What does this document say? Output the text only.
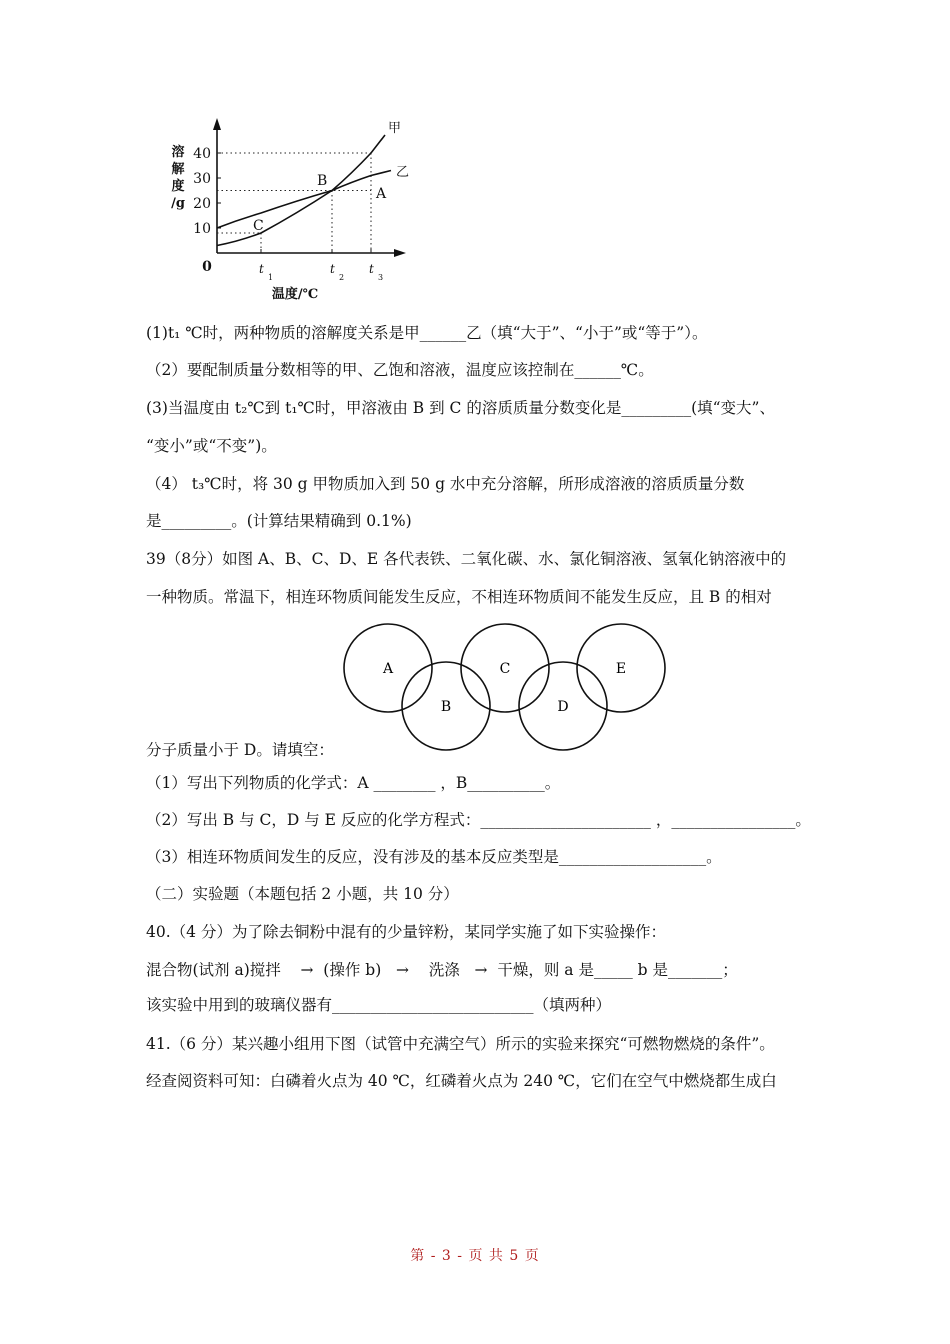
10
20
30
40
t
1
t
2
t
3
0
溶
解
度
/g
温度/℃
甲
乙
B
A
C
(1)t₁ ℃时，两种物质的溶解度关系是甲______乙（填“大于”、“小于”或“等于”）。
（2）要配制质量分数相等的甲、乙饱和溶液，温度应该控制在______℃。
(3)当温度由 t₂℃到 t₁℃时，甲溶液由 B 到 C 的溶质质量分数变化是_________(填“变大”、
“变小”或“不变”)。
（4） t₃℃时，将 30 g 甲物质加入到 50 g 水中充分溶解，所形成溶液的溶质质量分数
是_________。(计算结果精确到 0.1%)
39（8分）如图 A、B、C、D、E 各代表铁、二氧化碳、水、氯化铜溶液、氢氧化钠溶液中的
一种物质。常温下，相连环物质间能发生反应，不相连环物质间不能发生反应，且 B 的相对
A
B
C
D
E
分子质量小于 D。请填空：
（1）写出下列物质的化学式：A ________ ，B__________。
（2）写出 B 与 C，D 与 E 反应的化学方程式：______________________ ，________________。
（3）相连环物质间发生的反应，没有涉及的基本反应类型是___________________。
（二）实验题（本题包括 2 小题，共 10 分）
40.（4 分）为了除去铜粉中混有的少量锌粉，某同学实施了如下实验操作：
混合物(试剂 a)搅拌    →  (操作 b)   →    洗涤   →  干燥，则 a 是_____ b 是_______；
该实验中用到的玻璃仪器有__________________________（填两种）
41.（6 分）某兴趣小组用下图（试管中充满空气）所示的实验来探究“可燃物燃烧的条件”。
经查阅资料可知：白磷着火点为 40 ℃，红磷着火点为 240 ℃，它们在空气中燃烧都生成白
第 - 3 - 页 共 5 页
